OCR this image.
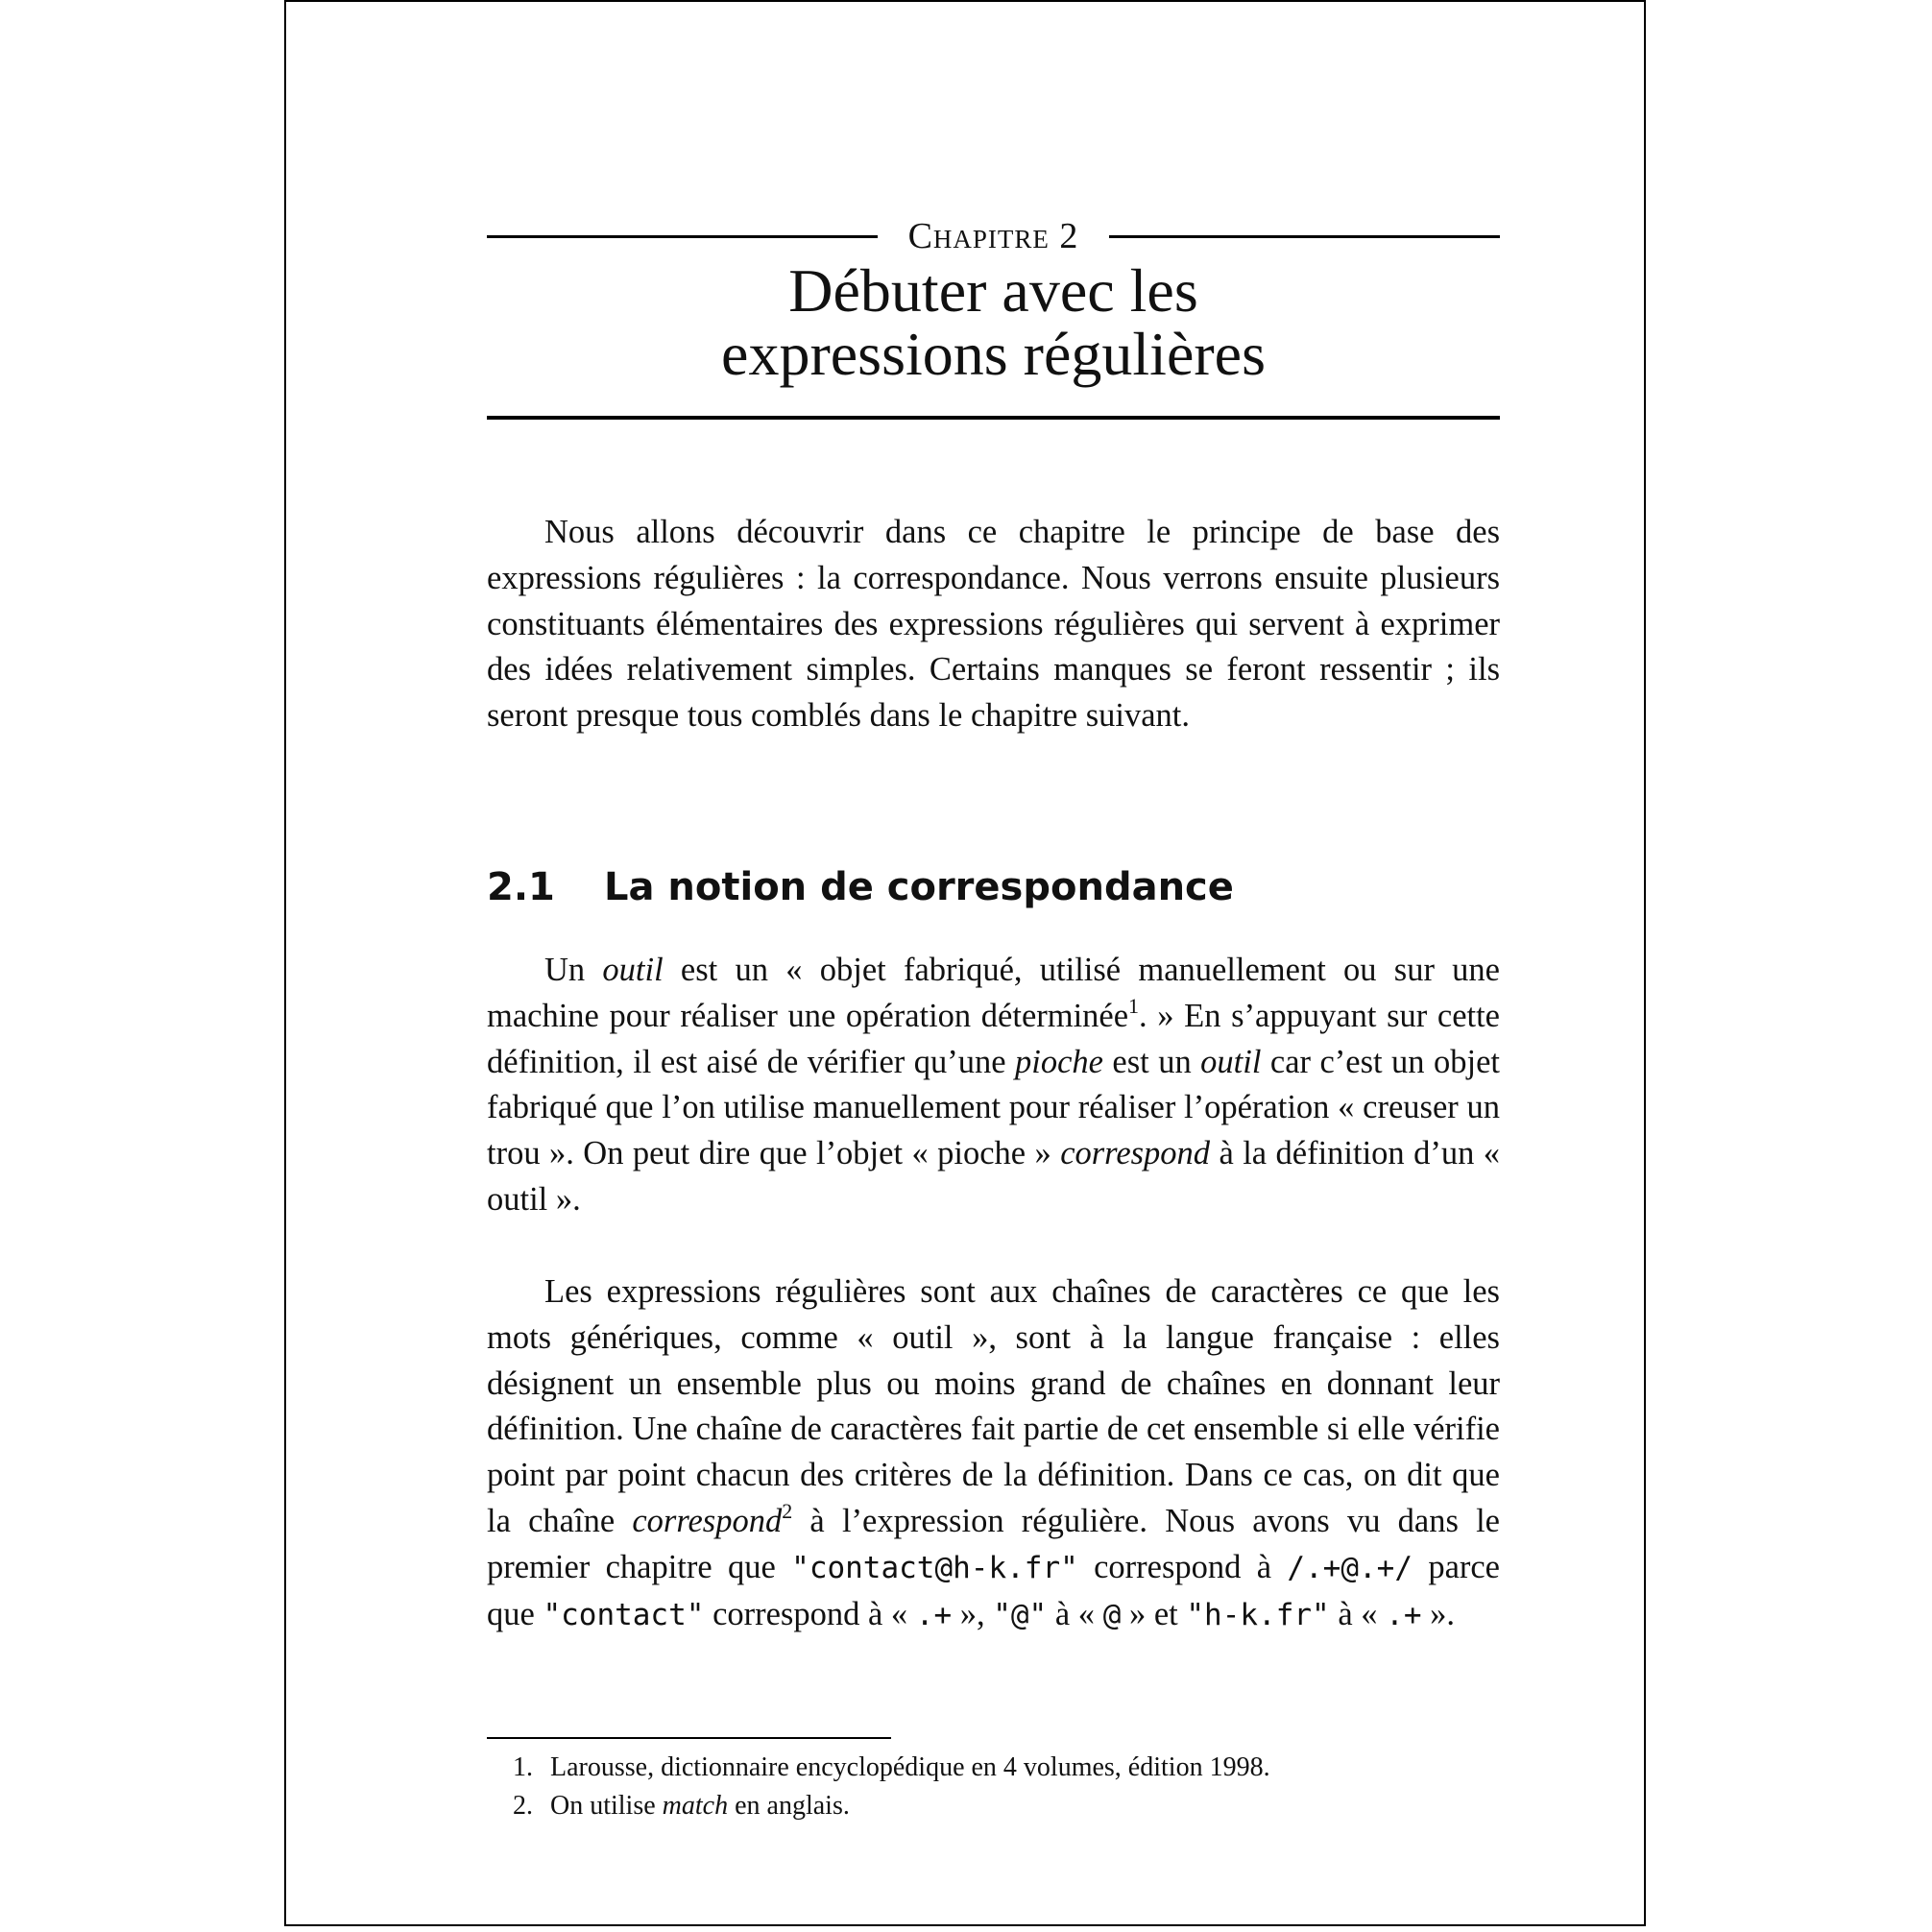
Chapitre 2
Débuter avec les
expressions régulières

Nous allons découvrir dans ce chapitre le principe de base des expressions régulières : la correspondance. Nous verrons ensuite plusieurs constituants élémentaires des expressions régulières qui servent à exprimer des idées relativement simples. Certains manques se feront ressentir ; ils seront presque tous comblés dans le chapitre suivant.

2.1 La notion de correspondance

Un outil est un « objet fabriqué, utilisé manuellement ou sur une machine pour réaliser une opération déterminée$^1$. » En s’appuyant sur cette définition, il est aisé de vérifier qu’une pioche est un outil car c’est un objet fabriqué que l’on utilise manuellement pour réaliser l’opération « creuser un trou ». On peut dire que l’objet « pioche » correspond à la définition d’un « outil ».

Les expressions régulières sont aux chaînes de caractères ce que les mots génériques, comme « outil », sont à la langue française : elles désignent un ensemble plus ou moins grand de chaînes en donnant leur définition. Une chaîne de caractères fait partie de cet ensemble si elle vérifie point par point chacun des critères de la définition. Dans ce cas, on dit que la chaîne correspond$^2$ à l’expression régulière. Nous avons vu dans le premier chapitre que "contact@h-k.fr" correspond à /.+@.+/ parce que "contact" correspond à « .+ », "@" à « @ » et "h-k.fr" à « .+ ».

1. Larousse, dictionnaire encyclopédique en 4 volumes, édition 1998.
2. On utilise match en anglais.
